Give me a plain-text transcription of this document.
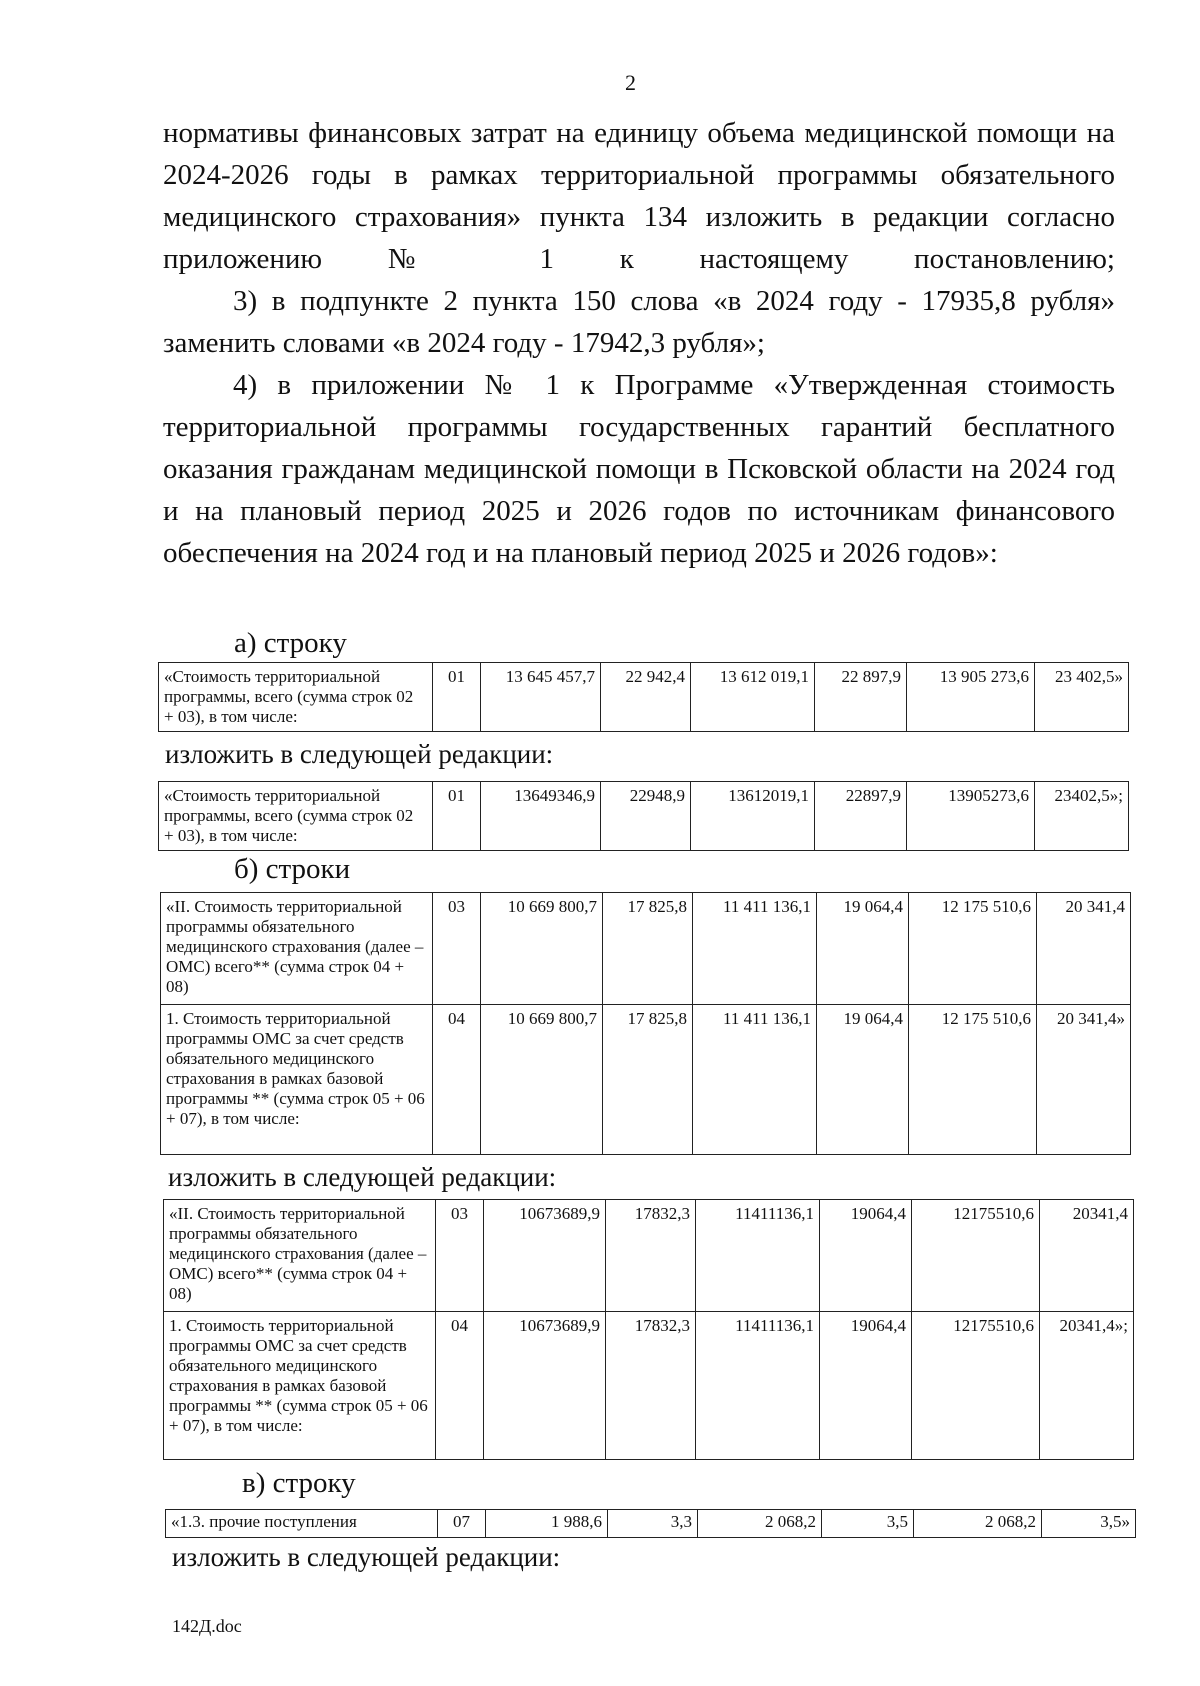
2

нормативы финансовых затрат на единицу объема медицинской помощи на 2024-2026 годы в рамках территориальной программы обязательного медицинского страхования» пункта 134 изложить в редакции согласно приложению № 1 к настоящему постановлению;

3) в подпункте 2 пункта 150 слова «в 2024 году - 17935,8 рубля» заменить словами «в 2024 году - 17942,3 рубля»;

4) в приложении № 1 к Программе «Утвержденная стоимость территориальной программы государственных гарантий бесплатного оказания гражданам медицинской помощи в Псковской области на 2024 год и на плановый период 2025 и 2026 годов по источникам финансового обеспечения на 2024 год и на плановый период 2025 и 2026 годов»:

а) строку
«Стоимость территориальной программы, всего (сумма строк 02 + 03), в том числе:	01	13 645 457,7	22 942,4	13 612 019,1	22 897,9	13 905 273,6	23 402,5»
изложить в следующей редакции:
«Стоимость территориальной программы, всего (сумма строк 02 + 03), в том числе:	01	13649346,9	22948,9	13612019,1	22897,9	13905273,6	23402,5»;
б) строки
«II. Стоимость территориальной программы обязательного медицинского страхования (далее – ОМС) всего** (сумма строк 04 + 08)	03	10 669 800,7	17 825,8	11 411 136,1	19 064,4	12 175 510,6	20 341,4
1. Стоимость территориальной программы ОМС за счет средств обязательного медицинского страхования в рамках базовой программы ** (сумма строк 05 + 06 + 07), в том числе:	04	10 669 800,7	17 825,8	11 411 136,1	19 064,4	12 175 510,6	20 341,4»
изложить в следующей редакции:
«II. Стоимость территориальной программы обязательного медицинского страхования (далее – ОМС) всего** (сумма строк 04 + 08)	03	10673689,9	17832,3	11411136,1	19064,4	12175510,6	20341,4
1. Стоимость территориальной программы ОМС за счет средств обязательного медицинского страхования в рамках базовой программы ** (сумма строк 05 + 06 + 07), в том числе:	04	10673689,9	17832,3	11411136,1	19064,4	12175510,6	20341,4»;
в) строку
«1.3. прочие поступления	07	1 988,6	3,3	2 068,2	3,5	2 068,2	3,5»
изложить в следующей редакции:
142Д.doc
